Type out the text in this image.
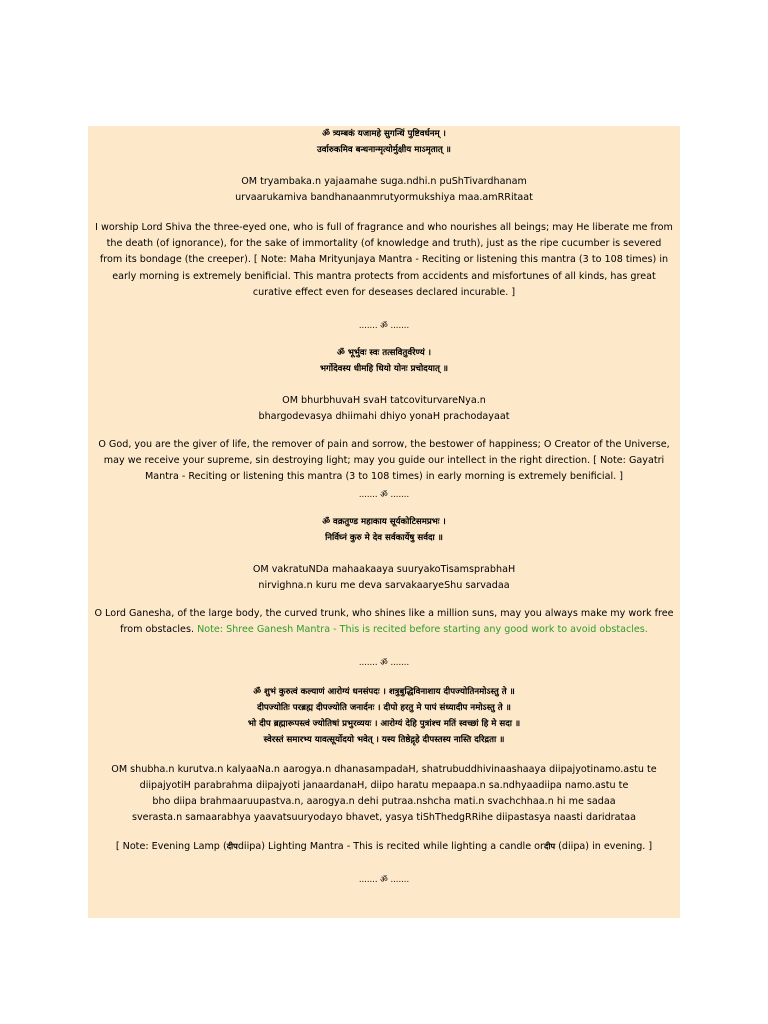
ॐ त्र्यम्बकं यजामहे सुगन्धिं पुष्टिवर्धनम् ।
उर्वारुकमिव बन्धनान्मृत्योर्मुक्षीय माऽमृतात् ॥
OM tryambaka.n yajaamahe suga.ndhi.n puShTivardhanam
urvaarukamiva bandhanaanmrutyormukshiya maa.amRRitaat
I worship Lord Shiva the three-eyed one, who is full of fragrance and who nourishes all beings; may He liberate me from the death (of ignorance), for the sake of immortality (of knowledge and truth), just as the ripe cucumber is severed from its bondage (the creeper). [ Note: Maha Mrityunjaya Mantra - Reciting or listening this mantra (3 to 108 times) in early morning is extremely benificial. This mantra protects from accidents and misfortunes of all kinds, has great curative effect even for deseases declared incurable. ]
....... ॐ .......
ॐ भूर्भुवः स्वः तत्सवितुर्वरेण्यं ।
भर्गोदेवस्य धीमहि धियो योनः प्रचोदयात् ॥
OM bhurbhuvaH svaH tatcoviturvareNya.n
bhargodevasya dhiimahi dhiyo yonaH prachodayaat
O God, you are the giver of life, the remover of pain and sorrow, the bestower of happiness; O Creator of the Universe, may we receive your supreme, sin destroying light; may you guide our intellect in the right direction. [ Note: Gayatri Mantra - Reciting or listening this mantra (3 to 108 times) in early morning is extremely benificial. ]
....... ॐ .......
ॐ वक्रतुण्ड महाकाय सूर्यकोटिसमप्रभः ।
निर्विघ्नं कुरु मे देव सर्वकार्येषु सर्वदा ॥
OM vakratuNDa mahaakaaya suuryakoTisamsprabhaH
nirvighna.n kuru me deva sarvakaaryeShu sarvadaa
O Lord Ganesha, of the large body, the curved trunk, who shines like a million suns, may you always make my work free from obstacles. Note: Shree Ganesh Mantra - This is recited before starting any good work to avoid obstacles.
....... ॐ .......
ॐ शुभं कुरुत्वं कल्याणं आरोग्यं धनसंपदः । शत्रुबुद्धिविनाशाय दीपज्योतिनमोऽस्तु ते ॥
दीपज्योतिः परब्रह्म दीपज्योति जनार्दनः । दीपो हरतु मे पापं संध्यादीप नमोऽस्तु ते ॥
भो दीप ब्रह्मारूपस्त्वं ज्योतिषां प्रभुरव्ययः । आरोग्यं देहि पुत्रांश्च मतिं स्वच्छां हि मे सदा ॥
स्वेरस्तं समारभ्य यावत्सूर्योदयो भवेत् । यस्य तिष्ठेद्गृहे दीपस्तस्य नास्ति दरिद्रता ॥
OM shubha.n kurutva.n kalyaaNa.n aarogya.n dhanasampadaH, shatrubuddhivinaashaaya diipajyotinamo.astu te
diipajyotiH parabrahma diipajyoti janaardanaH, diipo haratu mepaapa.n sa.ndhyaadiipa namo.astu te
bho diipa brahmaaruupastva.n, aarogya.n dehi putraa.nshcha mati.n svachchhaa.n hi me sadaa
sverasta.n samaarabhya yaavatsuuryodayo bhavet, yasya tiShThedgRRihe diipastasya naasti daridrataa
[ Note: Evening Lamp (दीपdiipa) Lighting Mantra - This is recited while lighting a candle orदीप (diipa) in evening. ]
....... ॐ .......
